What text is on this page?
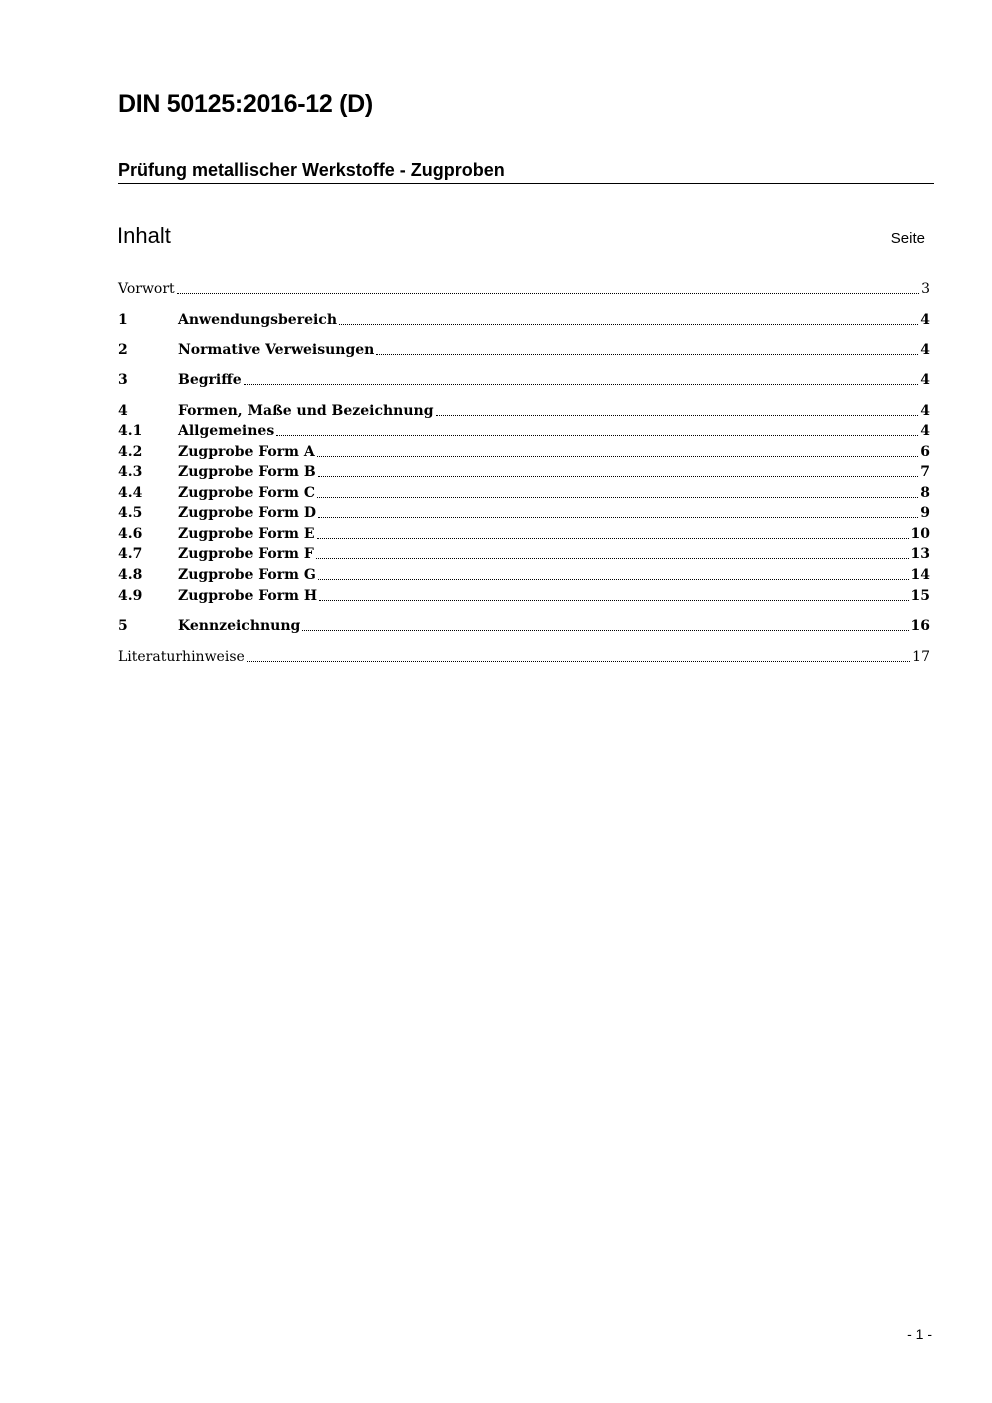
DIN 50125:2016-12 (D)
Prüfung metallischer Werkstoffe - Zugproben
Inhalt	Seite
Vorwort	3
1	Anwendungsbereich	4
2	Normative Verweisungen	4
3	Begriffe	4
4	Formen, Maße und Bezeichnung	4
4.1	Allgemeines	4
4.2	Zugprobe Form A	6
4.3	Zugprobe Form B	7
4.4	Zugprobe Form C	8
4.5	Zugprobe Form D	9
4.6	Zugprobe Form E	10
4.7	Zugprobe Form F	13
4.8	Zugprobe Form G	14
4.9	Zugprobe Form H	15
5	Kennzeichnung	16
Literaturhinweise	17
- 1 -
